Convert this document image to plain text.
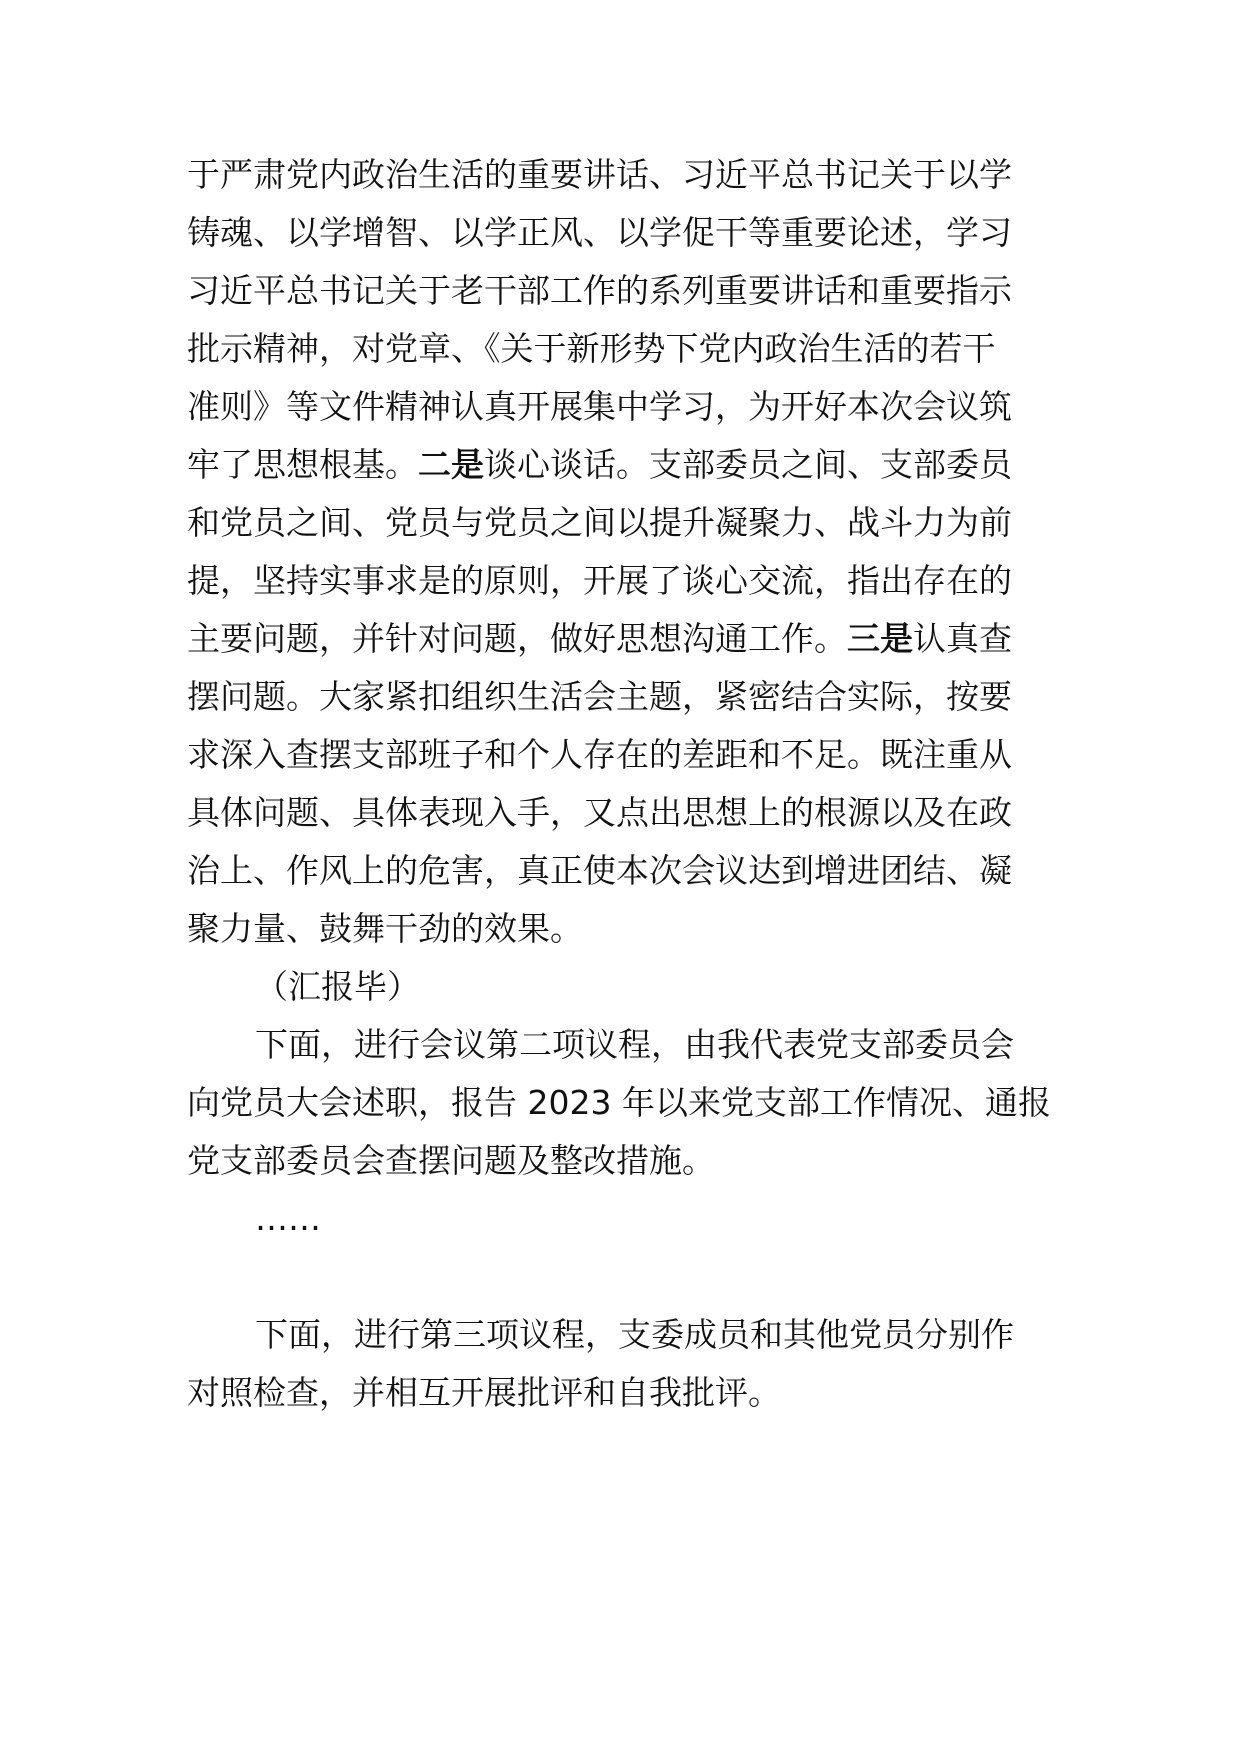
于严肃党内政治生活的重要讲话、习近平总书记关于以学
铸魂、以学增智、以学正风、以学促干等重要论述，学习
习近平总书记关于老干部工作的系列重要讲话和重要指示
批示精神，对党章、《关于新形势下党内政治生活的若干
准则》等文件精神认真开展集中学习，为开好本次会议筑
牢了思想根基。二是谈心谈话。支部委员之间、支部委员
和党员之间、党员与党员之间以提升凝聚力、战斗力为前
提，坚持实事求是的原则，开展了谈心交流，指出存在的
主要问题，并针对问题，做好思想沟通工作。三是认真查
摆问题。大家紧扣组织生活会主题，紧密结合实际，按要
求深入查摆支部班子和个人存在的差距和不足。既注重从
具体问题、具体表现入手，又点出思想上的根源以及在政
治上、作风上的危害，真正使本次会议达到增进团结、凝
聚力量、鼓舞干劲的效果。
（汇报毕）
下面，进行会议第二项议程，由我代表党支部委员会
向党员大会述职，报告 2023 年以来党支部工作情况、通报
党支部委员会查摆问题及整改措施。
……
下面，进行第三项议程，支委成员和其他党员分别作
对照检查，并相互开展批评和自我批评。
